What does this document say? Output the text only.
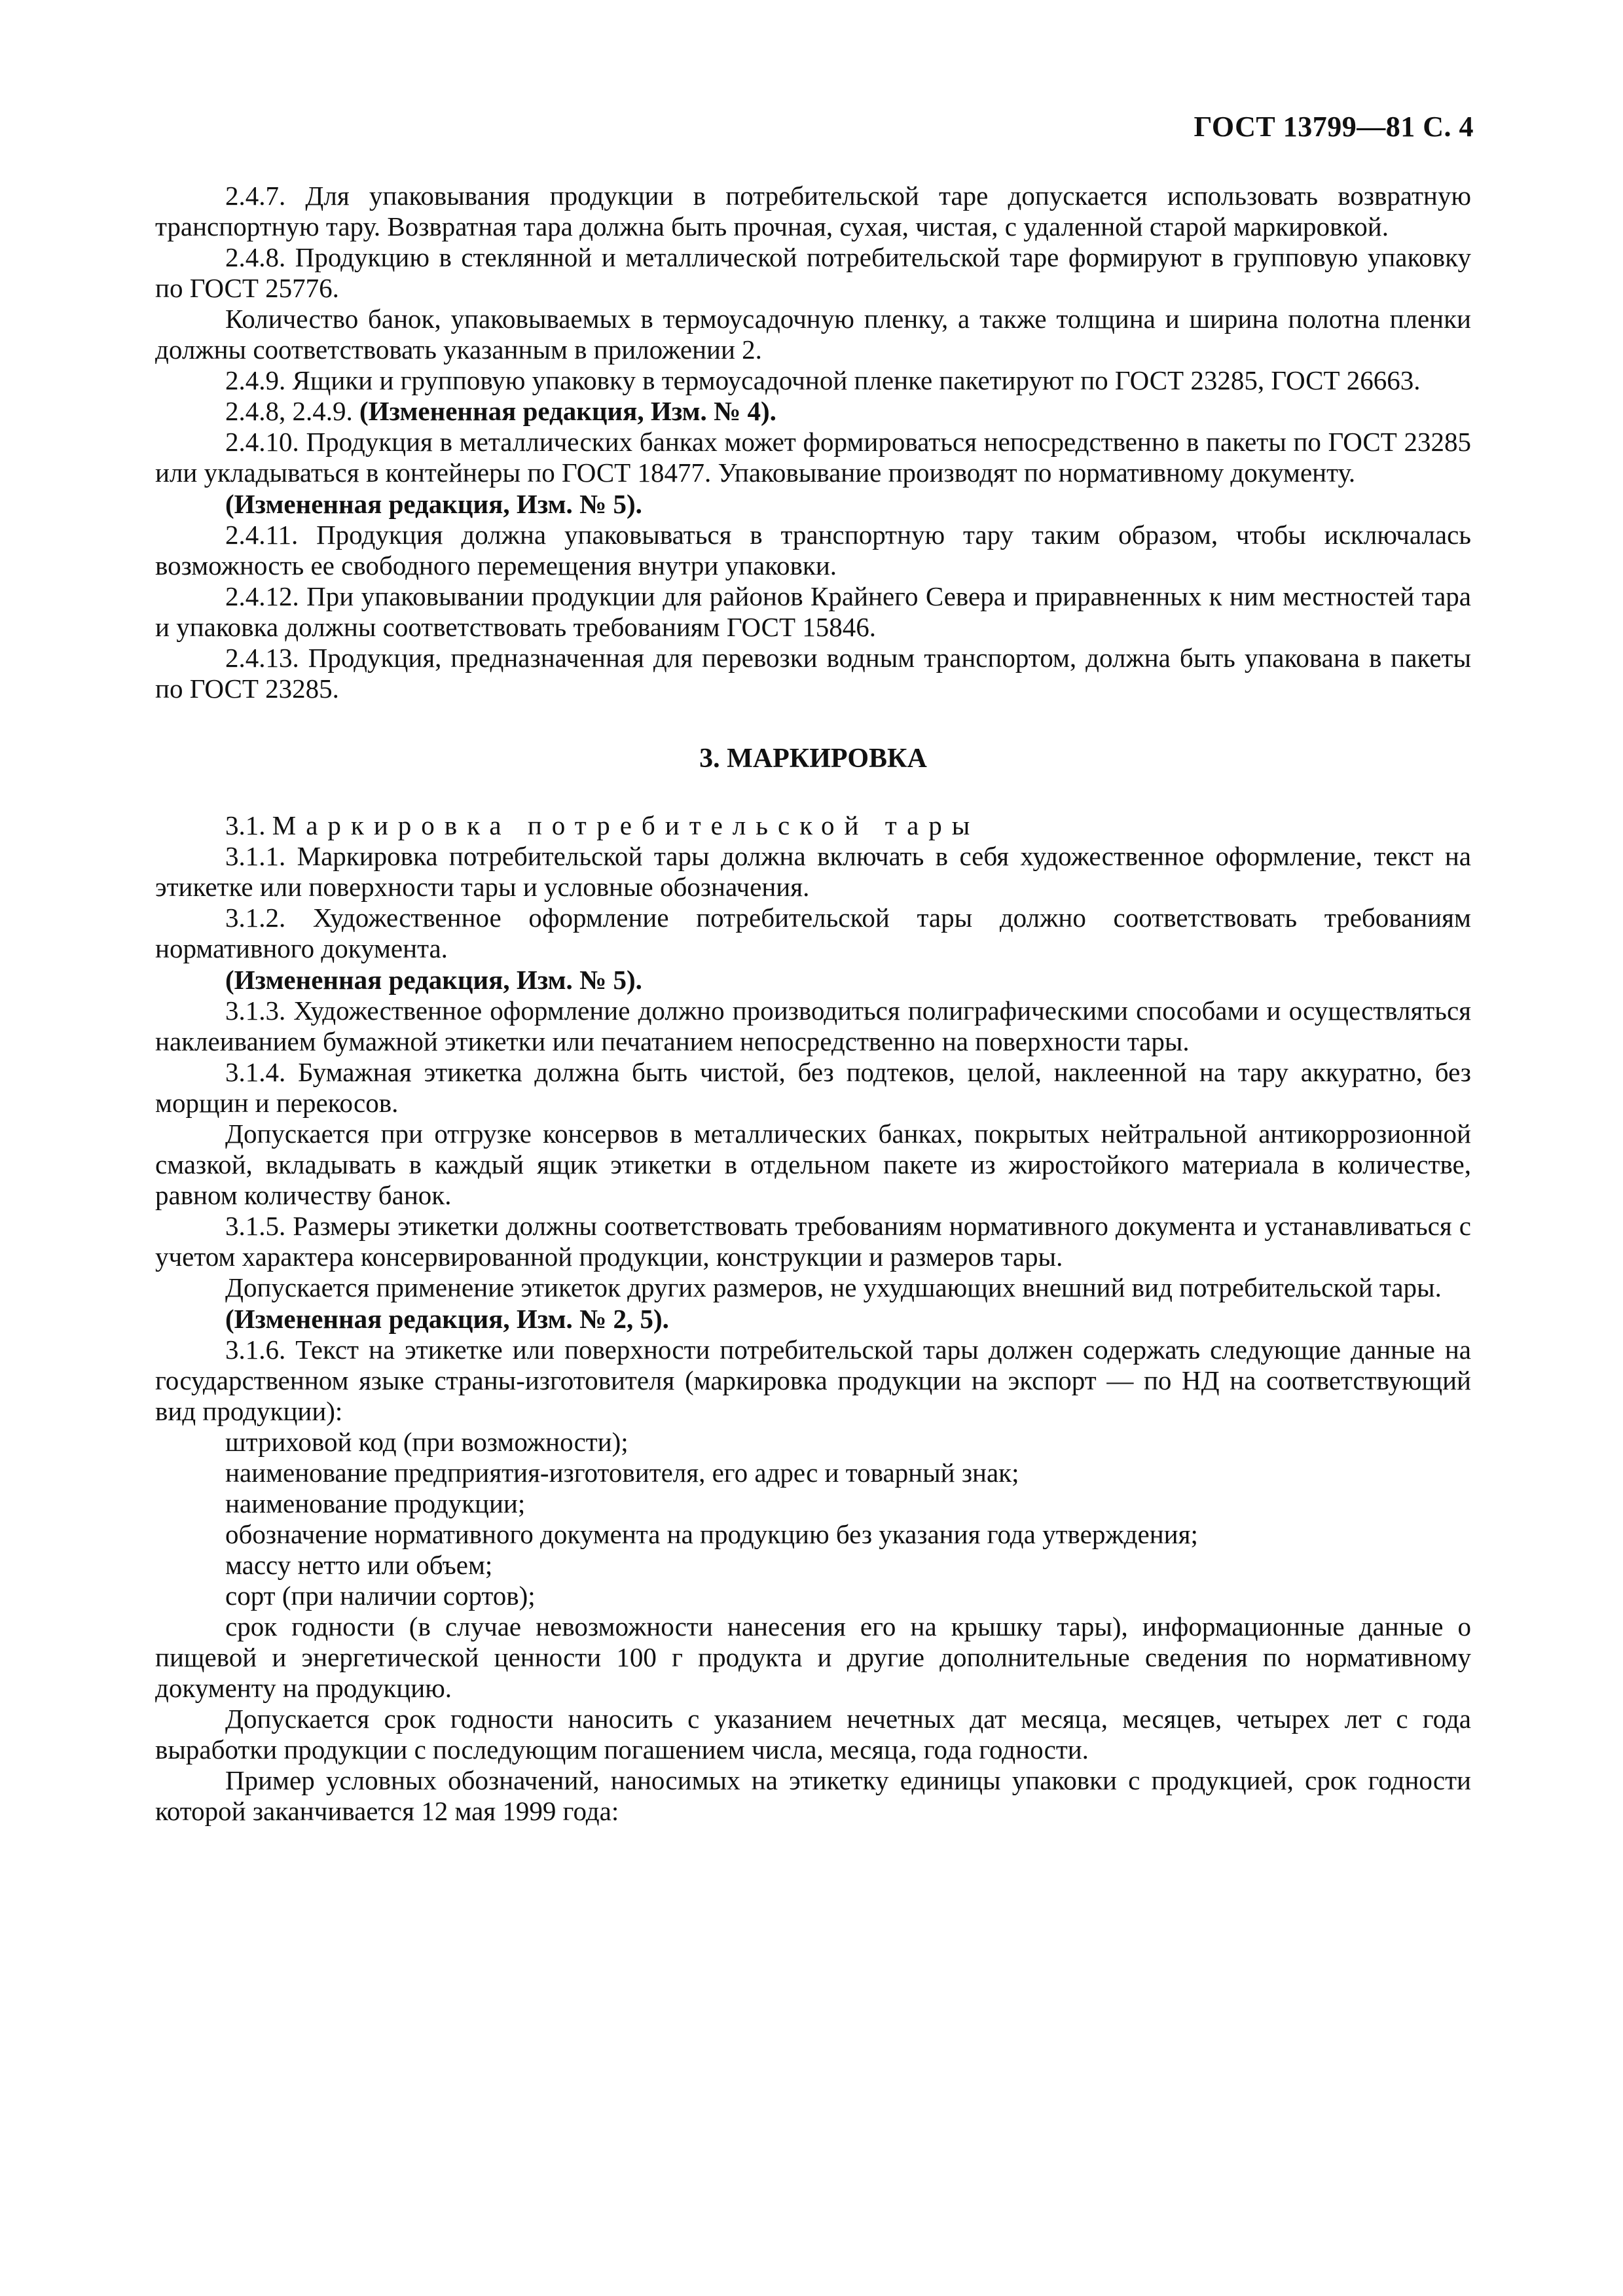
ГОСТ 13799—81 С. 4

2.4.7. Для упаковывания продукции в потребительской таре допускается использовать возвратную транспортную тару. Возвратная тара должна быть прочная, сухая, чистая, с удаленной старой маркировкой.

2.4.8. Продукцию в стеклянной и металлической потребительской таре формируют в групповую упаковку по ГОСТ 25776.

Количество банок, упаковываемых в термоусадочную пленку, а также толщина и ширина полотна пленки должны соответствовать указанным в приложении 2.

2.4.9. Ящики и групповую упаковку в термоусадочной пленке пакетируют по ГОСТ 23285, ГОСТ 26663.

2.4.8, 2.4.9. (Измененная редакция, Изм. № 4).

2.4.10. Продукция в металлических банках может формироваться непосредственно в пакеты по ГОСТ 23285 или укладываться в контейнеры по ГОСТ 18477. Упаковывание производят по нормативному документу.

(Измененная редакция, Изм. № 5).

2.4.11. Продукция должна упаковываться в транспортную тару таким образом, чтобы исключалась возможность ее свободного перемещения внутри упаковки.

2.4.12. При упаковывании продукции для районов Крайнего Севера и приравненных к ним местностей тара и упаковка должны соответствовать требованиям ГОСТ 15846.

2.4.13. Продукция, предназначенная для перевозки водным транспортом, должна быть упакована в пакеты по ГОСТ 23285.

3. МАРКИРОВКА

3.1. Маркировка потребительской тары

3.1.1. Маркировка потребительской тары должна включать в себя художественное оформление, текст на этикетке или поверхности тары и условные обозначения.

3.1.2. Художественное оформление потребительской тары должно соответствовать требованиям нормативного документа.

(Измененная редакция, Изм. № 5).

3.1.3. Художественное оформление должно производиться полиграфическими способами и осуществляться наклеиванием бумажной этикетки или печатанием непосредственно на поверхности тары.

3.1.4. Бумажная этикетка должна быть чистой, без подтеков, целой, наклеенной на тару аккуратно, без морщин и перекосов.

Допускается при отгрузке консервов в металлических банках, покрытых нейтральной антикоррозионной смазкой, вкладывать в каждый ящик этикетки в отдельном пакете из жиростойкого материала в количестве, равном количеству банок.

3.1.5. Размеры этикетки должны соответствовать требованиям нормативного документа и устанавливаться с учетом характера консервированной продукции, конструкции и размеров тары.

Допускается применение этикеток других размеров, не ухудшающих внешний вид потребительской тары.

(Измененная редакция, Изм. № 2, 5).

3.1.6. Текст на этикетке или поверхности потребительской тары должен содержать следующие данные на государственном языке страны-изготовителя (маркировка продукции на экспорт — по НД на соответствующий вид продукции):

штриховой код (при возможности);

наименование предприятия-изготовителя, его адрес и товарный знак;

наименование продукции;

обозначение нормативного документа на продукцию без указания года утверждения;

массу нетто или объем;

сорт (при наличии сортов);

срок годности (в случае невозможности нанесения его на крышку тары), информационные данные о пищевой и энергетической ценности 100 г продукта и другие дополнительные сведения по нормативному документу на продукцию.

Допускается срок годности наносить с указанием нечетных дат месяца, месяцев, четырех лет с года выработки продукции с последующим погашением числа, месяца, года годности.

Пример условных обозначений, наносимых на этикетку единицы упаковки с продукцией, срок годности которой заканчивается 12 мая 1999 года:
